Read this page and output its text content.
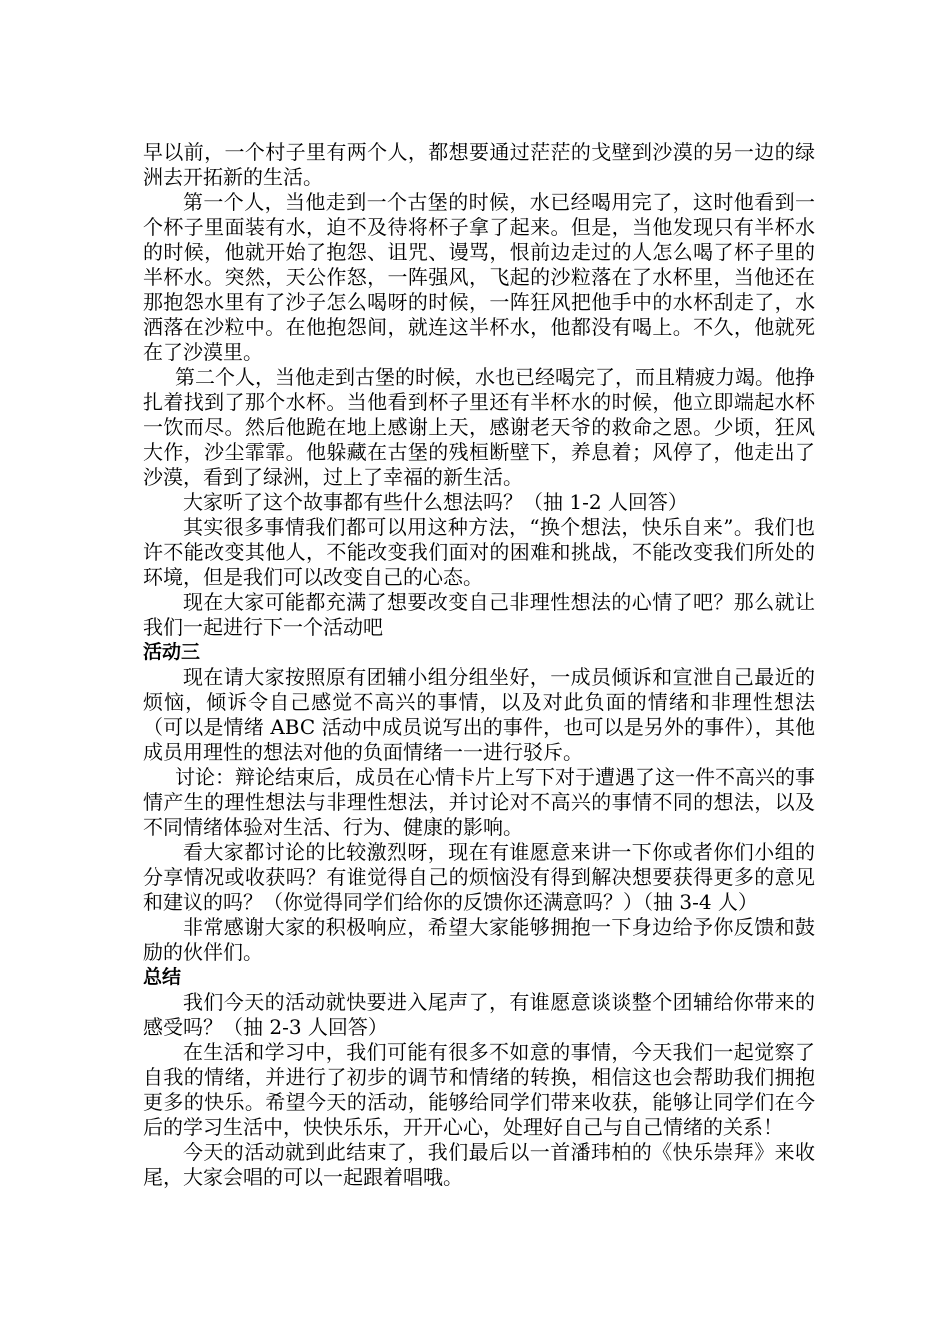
早以前，一个村子里有两个人，都想要通过茫茫的戈壁到沙漠的另一边的绿洲去开拓新的生活。

第一个人，当他走到一个古堡的时候，水已经喝用完了，这时他看到一个杯子里面装有水，迫不及待将杯子拿了起来。但是，当他发现只有半杯水的时候，他就开始了抱怨、诅咒、谩骂，恨前边走过的人怎么喝了杯子里的半杯水。突然，天公作怒，一阵强风，飞起的沙粒落在了水杯里，当他还在那抱怨水里有了沙子怎么喝呀的时候，一阵狂风把他手中的水杯刮走了，水洒落在沙粒中。在他抱怨间，就连这半杯水，他都没有喝上。不久，他就死在了沙漠里。

第二个人，当他走到古堡的时候，水也已经喝完了，而且精疲力竭。他挣扎着找到了那个水杯。当他看到杯子里还有半杯水的时候，他立即端起水杯一饮而尽。然后他跪在地上感谢上天，感谢老天爷的救命之恩。少顷，狂风大作，沙尘霏霏。他躲藏在古堡的残桓断壁下，养息着；风停了，他走出了沙漠，看到了绿洲，过上了幸福的新生活。

大家听了这个故事都有些什么想法吗？（抽 1-2 人回答）

其实很多事情我们都可以用这种方法，“换个想法，快乐自来”。我们也许不能改变其他人，不能改变我们面对的困难和挑战，不能改变我们所处的环境，但是我们可以改变自己的心态。

现在大家可能都充满了想要改变自己非理性想法的心情了吧？那么就让我们一起进行下一个活动吧

活动三

现在请大家按照原有团辅小组分组坐好，一成员倾诉和宣泄自己最近的烦恼，倾诉令自己感觉不高兴的事情，以及对此负面的情绪和非理性想法（可以是情绪 ABC 活动中成员说写出的事件，也可以是另外的事件），其他成员用理性的想法对他的负面情绪一一进行驳斥。

讨论：辩论结束后，成员在心情卡片上写下对于遭遇了这一件不高兴的事情产生的理性想法与非理性想法，并讨论对不高兴的事情不同的想法，以及不同情绪体验对生活、行为、健康的影响。

看大家都讨论的比较激烈呀，现在有谁愿意来讲一下你或者你们小组的分享情况或收获吗？有谁觉得自己的烦恼没有得到解决想要获得更多的意见和建议的吗？（你觉得同学们给你的反馈你还满意吗？）（抽 3-4 人）

非常感谢大家的积极响应，希望大家能够拥抱一下身边给予你反馈和鼓励的伙伴们。

总结

我们今天的活动就快要进入尾声了，有谁愿意谈谈整个团辅给你带来的感受吗？（抽 2-3 人回答）

在生活和学习中，我们可能有很多不如意的事情，今天我们一起觉察了自我的情绪，并进行了初步的调节和情绪的转换，相信这也会帮助我们拥抱更多的快乐。希望今天的活动，能够给同学们带来收获，能够让同学们在今后的学习生活中，快快乐乐，开开心心，处理好自己与自己情绪的关系！

今天的活动就到此结束了，我们最后以一首潘玮柏的《快乐崇拜》来收尾，大家会唱的可以一起跟着唱哦。
